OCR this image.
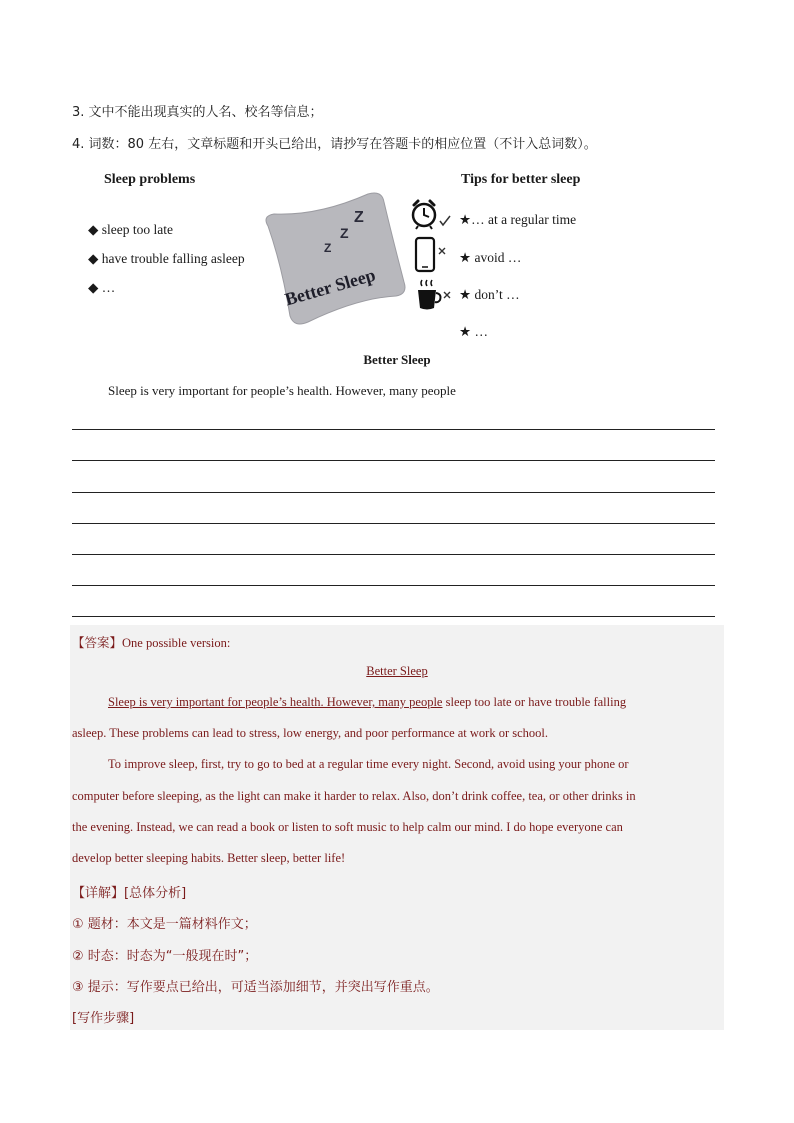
3. 文中不能出现真实的人名、校名等信息；
4. 词数：80 左右，文章标题和开头已给出，请抄写在答题卡的相应位置（不计入总词数）。
Sleep problems
◆ sleep too late
◆ have trouble falling asleep
◆ …
Z
Z
Z
Better Sleep
Tips for better sleep
★… at a regular time
★ avoid …
★ don’t …
★ …
Better Sleep
Sleep is very important for people’s health. However, many people
【答案】One possible version:
Better Sleep
Sleep is very important for people’s health. However, many people sleep too late or have trouble falling
asleep. These problems can lead to stress, low energy, and poor performance at work or school.
To improve sleep, first, try to go to bed at a regular time every night. Second, avoid using your phone or
computer before sleeping, as the light can make it harder to relax. Also, don’t drink coffee, tea, or other drinks in
the evening. Instead, we can read a book or listen to soft music to help calm our mind. I do hope everyone can
develop better sleeping habits. Better sleep, better life!
【详解】[总体分析]
① 题材：本文是一篇材料作文；
② 时态：时态为“一般现在时”；
③ 提示：写作要点已给出，可适当添加细节，并突出写作重点。
[写作步骤]
